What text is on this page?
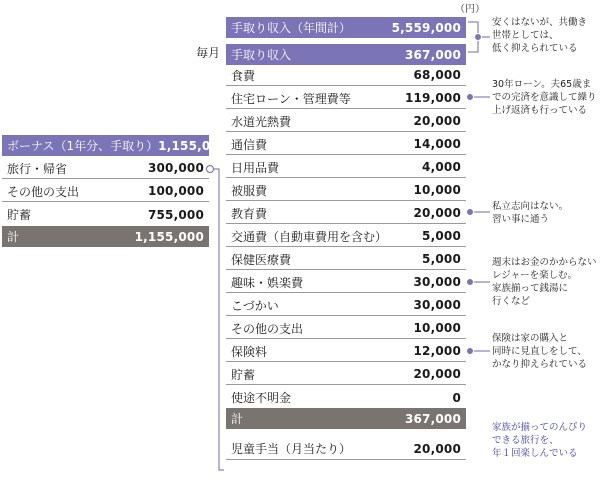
（円）
毎月
手取り収入（年間計）	5,559,000
手取り収入	367,000
食費	68,000
住宅ローン・管理費等	119,000
水道光熱費	20,000
通信費	14,000
日用品費	4,000
被服費	10,000
教育費	20,000
交通費（自動車費用を含む）	5,000
保健医療費	5,000
趣味・娯楽費	30,000
こづかい	30,000
その他の支出	10,000
保険料	12,000
貯蓄	20,000
使途不明金	0
計	367,000
児童手当（月当たり）	20,000
ボーナス（1年分、手取り） 1,155,000
旅行・帰省	300,000
その他の支出	100,000
貯蓄	755,000
計	1,155,000
安くはないが、共働き
世帯としては、
低く抑えられている
30年ローン。夫65歳ま
での完済を意識して繰り
上げ返済も行っている
私立志向はない。
習い事に通う
週末はお金のかからない
レジャーを楽しむ。
家族揃って銭湯に
行くなど
保険は家の購入と
同時に見直しをして、
かなり抑えられている
家族が揃ってのんびり
できる旅行を、
年１回楽しんでいる
